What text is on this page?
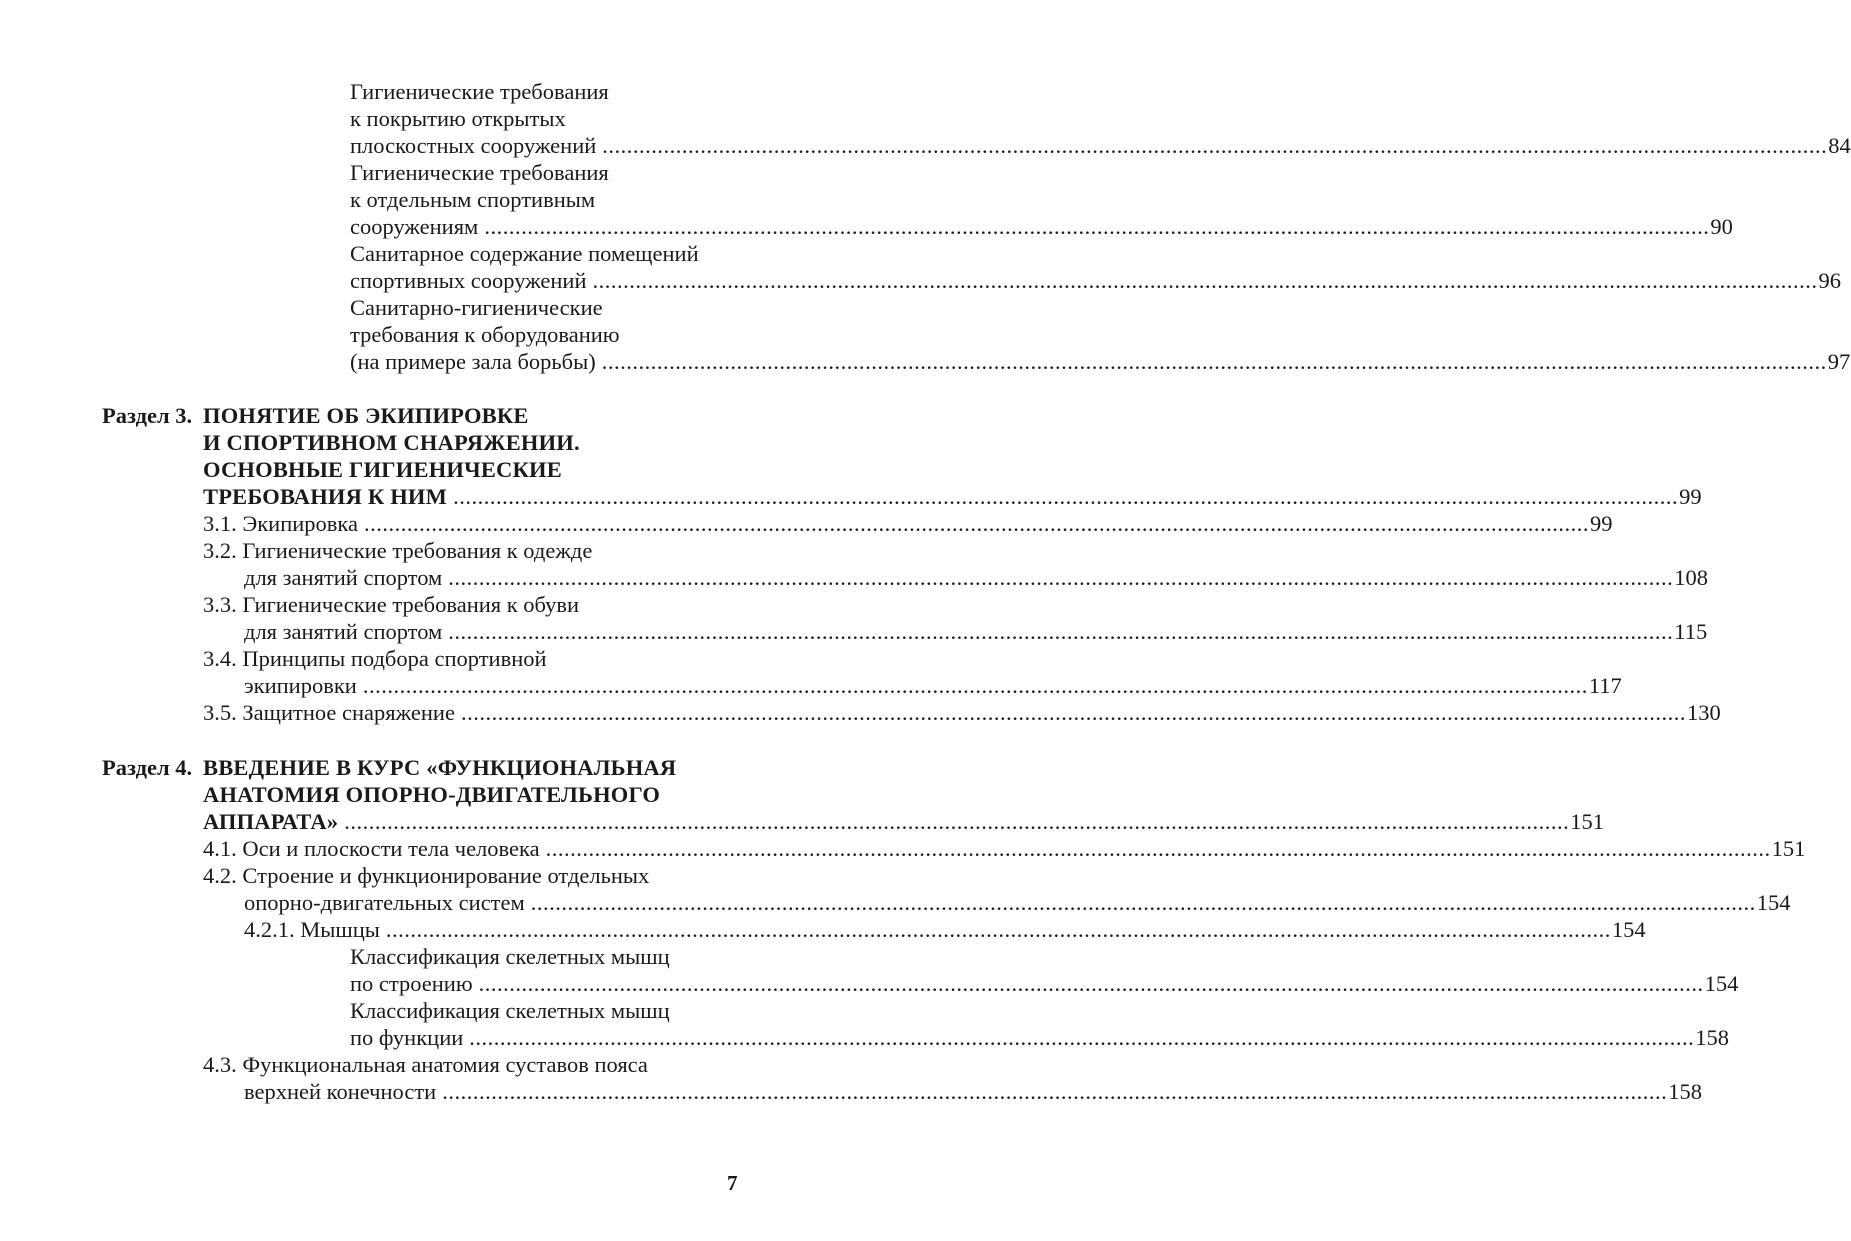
Гигиенические требования
к покрытию открытых
плоскостных сооружений ........................................................................................................................................................................................................ 84
Гигиенические требования
к отдельным спортивным
сооружениям ........................................................................................................................................................................................................ 90
Санитарное содержание помещений
спортивных сооружений ........................................................................................................................................................................................................ 96
Санитарно-гигиенические
требования к оборудованию
(на примере зала борьбы) ........................................................................................................................................................................................................ 97
Раздел 3. ПОНЯТИЕ ОБ ЭКИПИРОВКЕ
И СПОРТИВНОМ СНАРЯЖЕНИИ.
ОСНОВНЫЕ ГИГИЕНИЧЕСКИЕ
ТРЕБОВАНИЯ К НИМ ........................................................................................................................................................................................................ 99
3.1. Экипировка ........................................................................................................................................................................................................ 99
3.2. Гигиенические требования к одежде
для занятий спортом ........................................................................................................................................................................................................ 108
3.3. Гигиенические требования к обуви
для занятий спортом ........................................................................................................................................................................................................ 115
3.4. Принципы подбора спортивной
экипировки ........................................................................................................................................................................................................ 117
3.5. Защитное снаряжение ........................................................................................................................................................................................................ 130
Раздел 4. ВВЕДЕНИЕ В КУРС «ФУНКЦИОНАЛЬНАЯ
АНАТОМИЯ ОПОРНО-ДВИГАТЕЛЬНОГО
АППАРАТА» ........................................................................................................................................................................................................ 151
4.1. Оси и плоскости тела человека ........................................................................................................................................................................................................ 151
4.2. Строение и функционирование отдельных
опорно-двигательных систем ........................................................................................................................................................................................................ 154
4.2.1. Мышцы ........................................................................................................................................................................................................ 154
Классификация скелетных мышц
по строению ........................................................................................................................................................................................................ 154
Классификация скелетных мышц
по функции ........................................................................................................................................................................................................ 158
4.3. Функциональная анатомия суставов пояса
верхней конечности ........................................................................................................................................................................................................ 158
7
